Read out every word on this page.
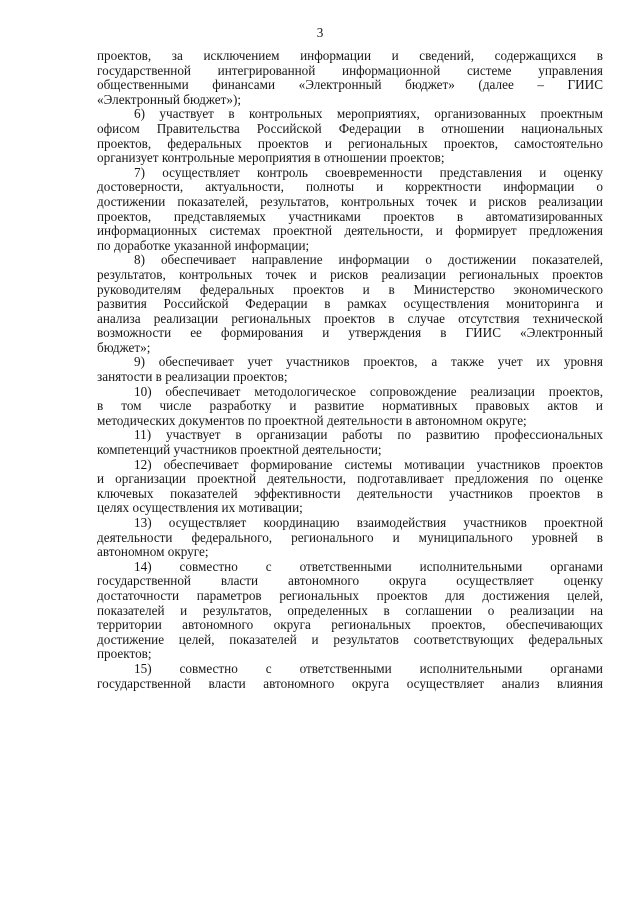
3
проектов, за исключением информации и сведений, содержащихся в
государственной интегрированной информационной системе управления
общественными финансами «Электронный бюджет» (далее – ГИИС
«Электронный бюджет»);
6) участвует в контрольных мероприятиях, организованных проектным
офисом Правительства Российской Федерации в отношении национальных
проектов, федеральных проектов и региональных проектов, самостоятельно
организует контрольные мероприятия в отношении проектов;
7) осуществляет контроль своевременности представления и оценку
достоверности, актуальности, полноты и корректности информации о
достижении показателей, результатов, контрольных точек и рисков реализации
проектов, представляемых участниками проектов в автоматизированных
информационных системах проектной деятельности, и формирует предложения
по доработке указанной информации;
8) обеспечивает направление информации о достижении показателей,
результатов, контрольных точек и рисков реализации региональных проектов
руководителям федеральных проектов и в Министерство экономического
развития Российской Федерации в рамках осуществления мониторинга и
анализа реализации региональных проектов в случае отсутствия технической
возможности ее формирования и утверждения в ГИИС «Электронный
бюджет»;
9) обеспечивает учет участников проектов, а также учет их уровня
занятости в реализации проектов;
10) обеспечивает методологическое сопровождение реализации проектов,
в том числе разработку и развитие нормативных правовых актов и
методических документов по проектной деятельности в автономном округе;
11) участвует в организации работы по развитию профессиональных
компетенций участников проектной деятельности;
12) обеспечивает формирование системы мотивации участников проектов
и организации проектной деятельности, подготавливает предложения по оценке
ключевых показателей эффективности деятельности участников проектов в
целях осуществления их мотивации;
13) осуществляет координацию взаимодействия участников проектной
деятельности федерального, регионального и муниципального уровней в
автономном округе;
14) совместно с ответственными исполнительными органами
государственной власти автономного округа осуществляет оценку
достаточности параметров региональных проектов для достижения целей,
показателей и результатов, определенных в соглашении о реализации на
территории автономного округа региональных проектов, обеспечивающих
достижение целей, показателей и результатов соответствующих федеральных
проектов;
15) совместно с ответственными исполнительными органами
государственной власти автономного округа осуществляет анализ влияния
